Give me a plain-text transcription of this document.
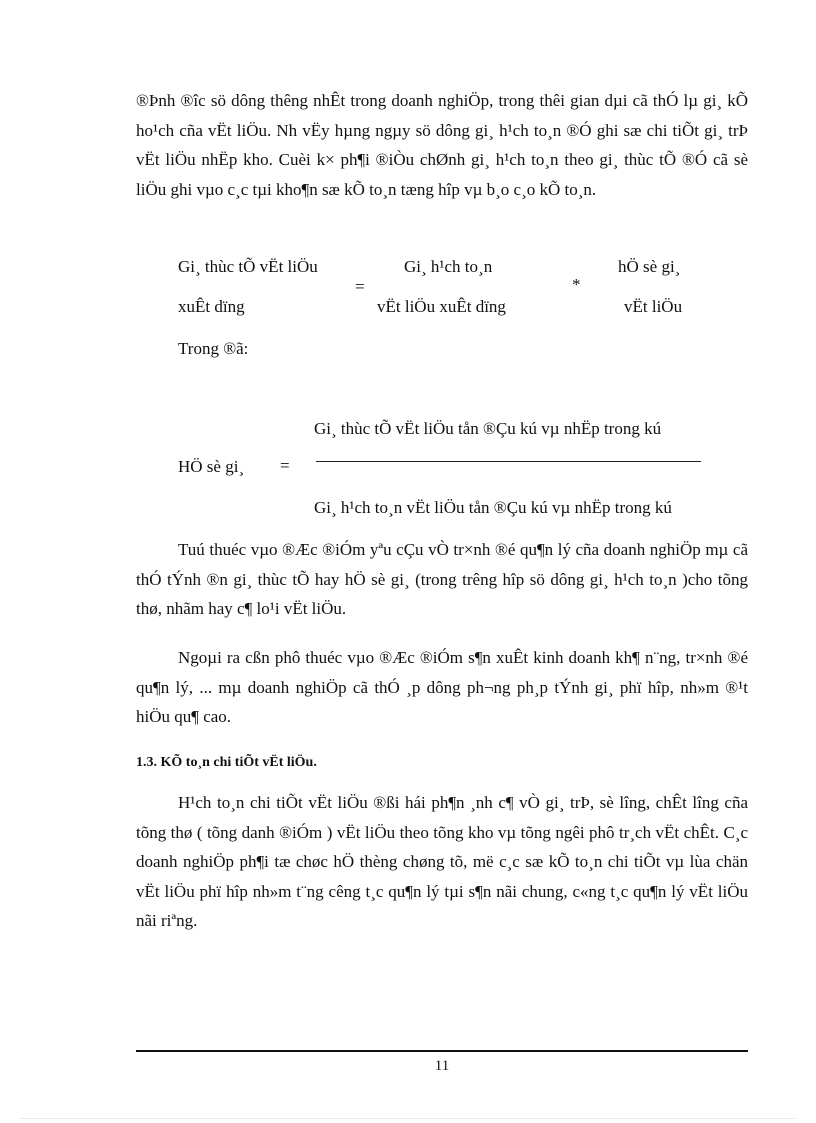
®Þnh ®îc sö dông thêng nhÊt trong doanh nghiÖp, trong thêi gian dµi cã thÓ lµ gi¸ kÕ ho¹ch cña vËt liÖu. Nh vËy hµng ngµy sö dông gi¸ h¹ch to¸n ®Ó ghi sæ chi tiÕt gi¸ trÞ vËt liÖu nhËp kho. Cuèi k× ph¶i ®iÒu chØnh gi¸ h¹ch to¸n theo gi¸ thùc tÕ ®Ó cã sè liÖu ghi vµo c¸c tµi kho¶n sæ kÕ to¸n tæng hîp vµ b¸o c¸o kÕ to¸n.

Gi¸ thùc tÕ vËt liÖu
xuÊt dïng
=
Gi¸ h¹ch to¸n
vËt liÖu xuÊt dïng
*
hÖ sè gi¸
vËt liÖu
Trong ®ã:
Gi¸ thùc tÕ vËt liÖu tån ®Çu kú vµ nhËp trong kú
HÖ sè gi¸ =
Gi¸ h¹ch to¸n vËt liÖu tån ®Çu kú vµ nhËp trong kú

Tuú thuéc vµo ®Æc ®iÓm yªu cÇu vÒ tr×nh ®é qu¶n lý cña doanh nghiÖp mµ cã thÓ tÝnh ®n gi¸ thùc tÕ hay hÖ sè gi¸ (trong trêng hîp sö dông gi¸ h¹ch to¸n )cho tõng thø, nhãm hay c¶ lo¹i vËt liÖu.

Ngoµi ra cßn phô thuéc vµo ®Æc ®iÓm s¶n xuÊt kinh doanh kh¶ n¨ng, tr×nh ®é qu¶n lý, ... mµ doanh nghiÖp cã thÓ ¸p dông ph¬ng ph¸p tÝnh gi¸ phï hîp, nh»m ®¹t hiÖu qu¶ cao.

1.3. KÕ to¸n chi tiÕt vËt liÖu.

H¹ch to¸n chi tiÕt vËt liÖu ®ßi hái ph¶n ¸nh c¶ vÒ gi¸ trÞ, sè lîng, chÊt lîng cña tõng thø ( tõng danh ®iÓm ) vËt liÖu theo tõng kho vµ tõng ngêi phô tr¸ch vËt chÊt. C¸c doanh nghiÖp ph¶i tæ chøc hÖ thèng chøng tõ, më c¸c sæ kÕ to¸n chi tiÕt vµ lùa chän vËt liÖu phï hîp nh»m t¨ng cêng t¸c qu¶n lý tµi s¶n nãi chung, c«ng t¸c qu¶n lý vËt liÖu nãi riªng.

11
